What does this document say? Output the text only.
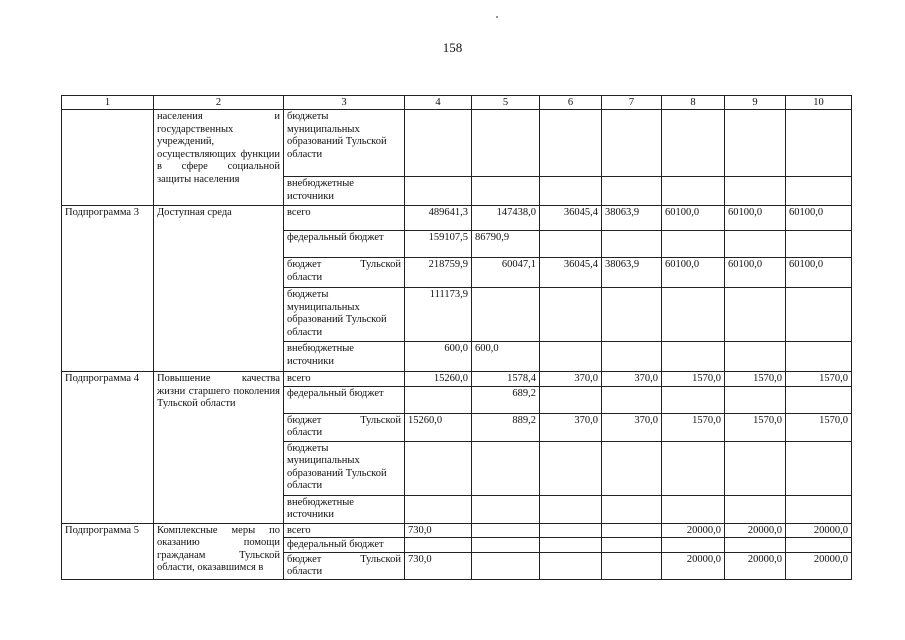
158
1	2	3	4	5	6	7	8	9	10
	населения и государственных учреждений, осуществляющих функции в сфере социальной защиты населения	бюджеты муниципальных образований Тульской области							
		внебюджетные источники							
Подпрограмма 3	Доступная среда	всего	489641,3	147438,0	36045,4	38063,9	60100,0	60100,0	60100,0
		федеральный бюджет	159107,5	86790,9					
		бюджет Тульской области	218759,9	60047,1	36045,4	38063,9	60100,0	60100,0	60100,0
		бюджеты муниципальных образований Тульской области	111173,9						
		внебюджетные источники	600,0	600,0					
Подпрограмма 4	Повышение качества жизни старшего поколения Тульской области	всего	15260,0	1578,4	370,0	370,0	1570,0	1570,0	1570,0
		федеральный бюджет		689,2					
		бюджет Тульской области	15260,0	889,2	370,0	370,0	1570,0	1570,0	1570,0
		бюджеты муниципальных образований Тульской области							
		внебюджетные источники							
Подпрограмма 5	Комплексные меры по оказанию помощи гражданам Тульской области, оказавшимся в	всего	730,0				20000,0	20000,0	20000,0
		федеральный бюджет							
		бюджет Тульской области	730,0				20000,0	20000,0	20000,0
